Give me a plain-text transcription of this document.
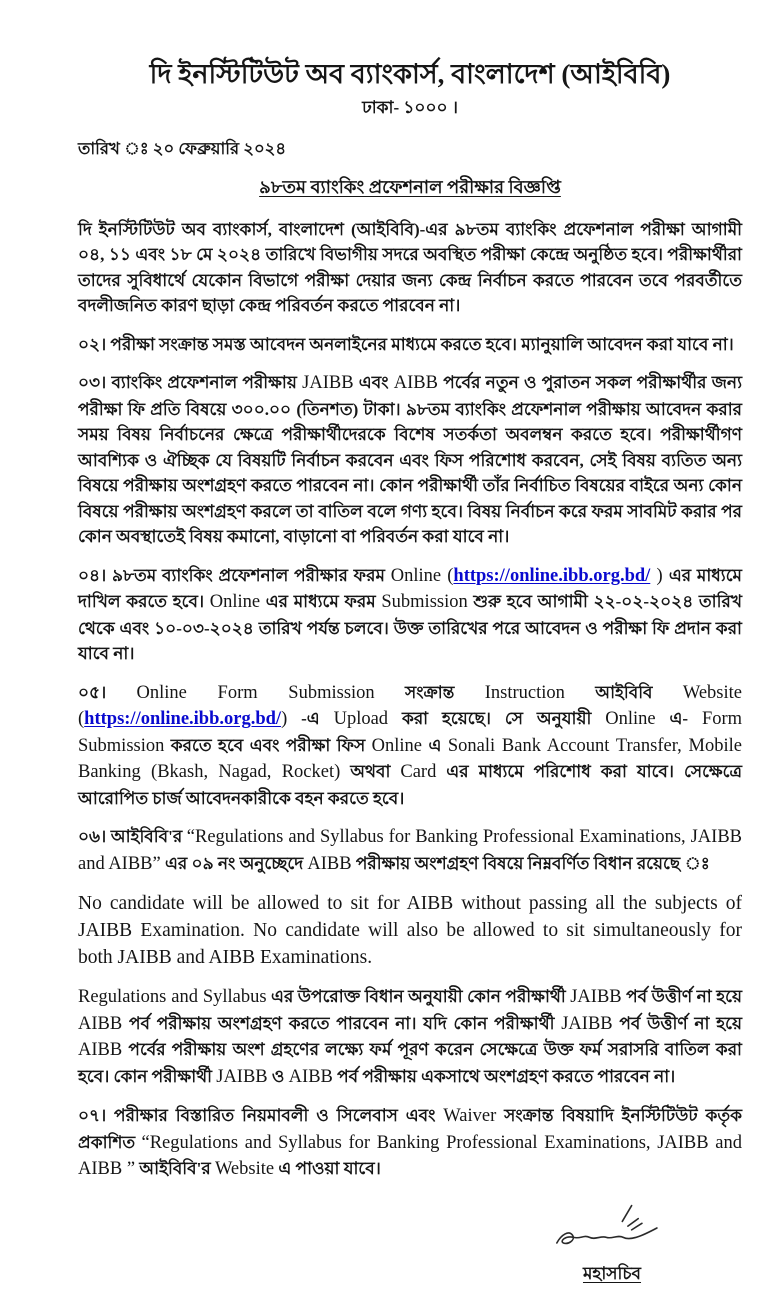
দি ইনস্টিটিউট অব ব্যাংকার্স, বাংলাদেশ (আইবিবি)
ঢাকা- ১০০০ ।
তারিখ ঃ ২০ ফেব্রুয়ারি ২০২৪
৯৮তম ব্যাংকিং প্রফেশনাল পরীক্ষার বিজ্ঞপ্তি

দি ইনস্টিটিউট অব ব্যাংকার্স, বাংলাদেশ (আইবিবি)-এর ৯৮তম ব্যাংকিং প্রফেশনাল পরীক্ষা আগামী ০৪, ১১ এবং ১৮ মে ২০২৪ তারিখে বিভাগীয় সদরে অবস্থিত পরীক্ষা কেন্দ্রে অনুষ্ঠিত হবে। পরীক্ষার্থীরা তাদের সুবিধার্থে যেকোন বিভাগে পরীক্ষা দেয়ার জন্য কেন্দ্র নির্বাচন করতে পারবেন তবে পরবর্তীতে বদলীজনিত কারণ ছাড়া কেন্দ্র পরিবর্তন করতে পারবেন না।

০২। পরীক্ষা সংক্রান্ত সমস্ত আবেদন অনলাইনের মাধ্যমে করতে হবে। ম্যানুয়ালি আবেদন করা যাবে না।

০৩। ব্যাংকিং প্রফেশনাল পরীক্ষায় JAIBB এবং AIBB পর্বের নতুন ও পুরাতন সকল পরীক্ষার্থীর জন্য পরীক্ষা ফি প্রতি বিষয়ে ৩০০.০০ (তিনশত) টাকা। ৯৮তম ব্যাংকিং প্রফেশনাল পরীক্ষায় আবেদন করার সময় বিষয় নির্বাচনের ক্ষেত্রে পরীক্ষার্থীদেরকে বিশেষ সতর্কতা অবলম্বন করতে হবে। পরীক্ষার্থীগণ আবশ্যিক ও ঐচ্ছিক যে বিষয়টি নির্বাচন করবেন এবং ফিস পরিশোধ করবেন, সেই বিষয় ব্যতিত অন্য বিষয়ে পরীক্ষায় অংশগ্রহণ করতে পারবেন না। কোন পরীক্ষার্থী তাঁর নির্বাচিত বিষয়ের বাইরে অন্য কোন বিষয়ে পরীক্ষায় অংশগ্রহণ করলে তা বাতিল বলে গণ্য হবে। বিষয় নির্বাচন করে ফরম সাবমিট করার পর কোন অবস্থাতেই বিষয় কমানো, বাড়ানো বা পরিবর্তন করা যাবে না।

০৪। ৯৮তম ব্যাংকিং প্রফেশনাল পরীক্ষার ফরম Online (https://online.ibb.org.bd/ ) এর মাধ্যমে দাখিল করতে হবে। Online এর মাধ্যমে ফরম Submission শুরু হবে আগামী ২২-০২-২০২৪ তারিখ থেকে এবং ১০-০৩-২০২৪ তারিখ পর্যন্ত চলবে। উক্ত তারিখের পরে আবেদন ও পরীক্ষা ফি প্রদান করা যাবে না।

০৫। Online Form Submission সংক্রান্ত Instruction আইবিবি Website (https://online.ibb.org.bd/) -এ Upload করা হয়েছে। সে অনুযায়ী Online এ- Form Submission করতে হবে এবং পরীক্ষা ফিস Online এ Sonali Bank Account Transfer, Mobile Banking (Bkash, Nagad, Rocket) অথবা Card এর মাধ্যমে পরিশোধ করা যাবে। সেক্ষেত্রে আরোপিত চার্জ আবেদনকারীকে বহন করতে হবে।

০৬। আইবিবি'র “Regulations and Syllabus for Banking Professional Examinations, JAIBB and AIBB” এর ০৯ নং অনুচ্ছেদে AIBB পরীক্ষায় অংশগ্রহণ বিষয়ে নিম্নবর্ণিত বিধান রয়েছে ঃ

No candidate will be allowed to sit for AIBB without passing all the subjects of JAIBB Examination. No candidate will also be allowed to sit simultaneously for both JAIBB and AIBB Examinations.

Regulations and Syllabus এর উপরোক্ত বিধান অনুযায়ী কোন পরীক্ষার্থী JAIBB পর্ব উত্তীর্ণ না হয়ে AIBB পর্ব পরীক্ষায় অংশগ্রহণ করতে পারবেন না। যদি কোন পরীক্ষার্থী JAIBB পর্ব উত্তীর্ণ না হয়ে AIBB পর্বের পরীক্ষায় অংশ গ্রহণের লক্ষ্যে ফর্ম পূরণ করেন সেক্ষেত্রে উক্ত ফর্ম সরাসরি বাতিল করা হবে। কোন পরীক্ষার্থী JAIBB ও AIBB পর্ব পরীক্ষায় একসাথে অংশগ্রহণ করতে পারবেন না।

০৭। পরীক্ষার বিস্তারিত নিয়মাবলী ও সিলেবাস এবং Waiver সংক্রান্ত বিষয়াদি ইনস্টিটিউট কর্তৃক প্রকাশিত “Regulations and Syllabus for Banking Professional Examinations, JAIBB and AIBB ” আইবিবি'র Website এ পাওয়া যাবে।

মহাসচিব
